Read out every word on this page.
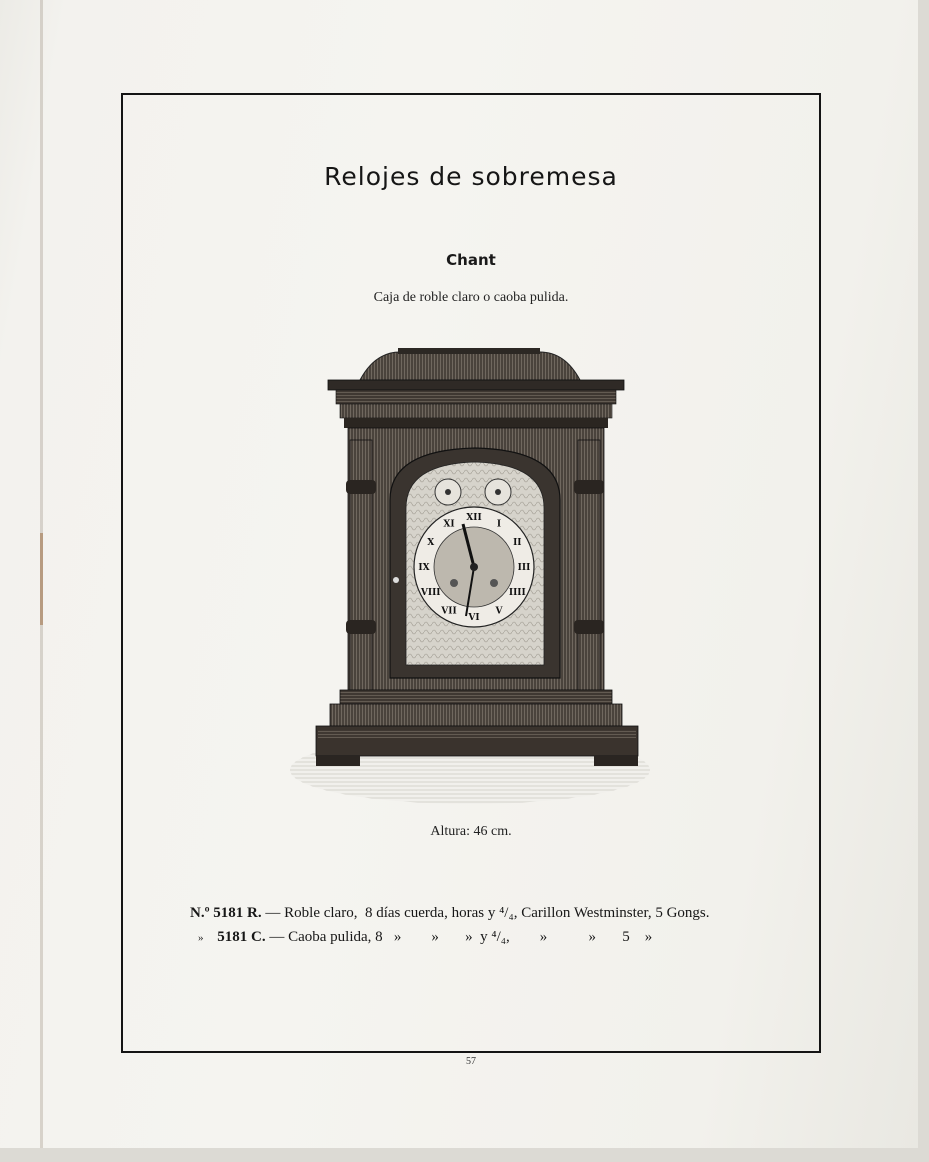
Relojes de sobremesa
Chant
Caja de roble claro o caoba pulida.
XII
I
II
III
IIII
V
VI
VII
VIII
IX
X
XI
Altura: 46 cm.
N.º 5181 R. — Roble claro,  8 días cuerda, horas y ⁴/₄, Carillon Westminster, 5 Gongs.
» 5181 C. — Caoba pulida, 8   »        »       »  y ⁴/₄,        »           »       5    »
57
